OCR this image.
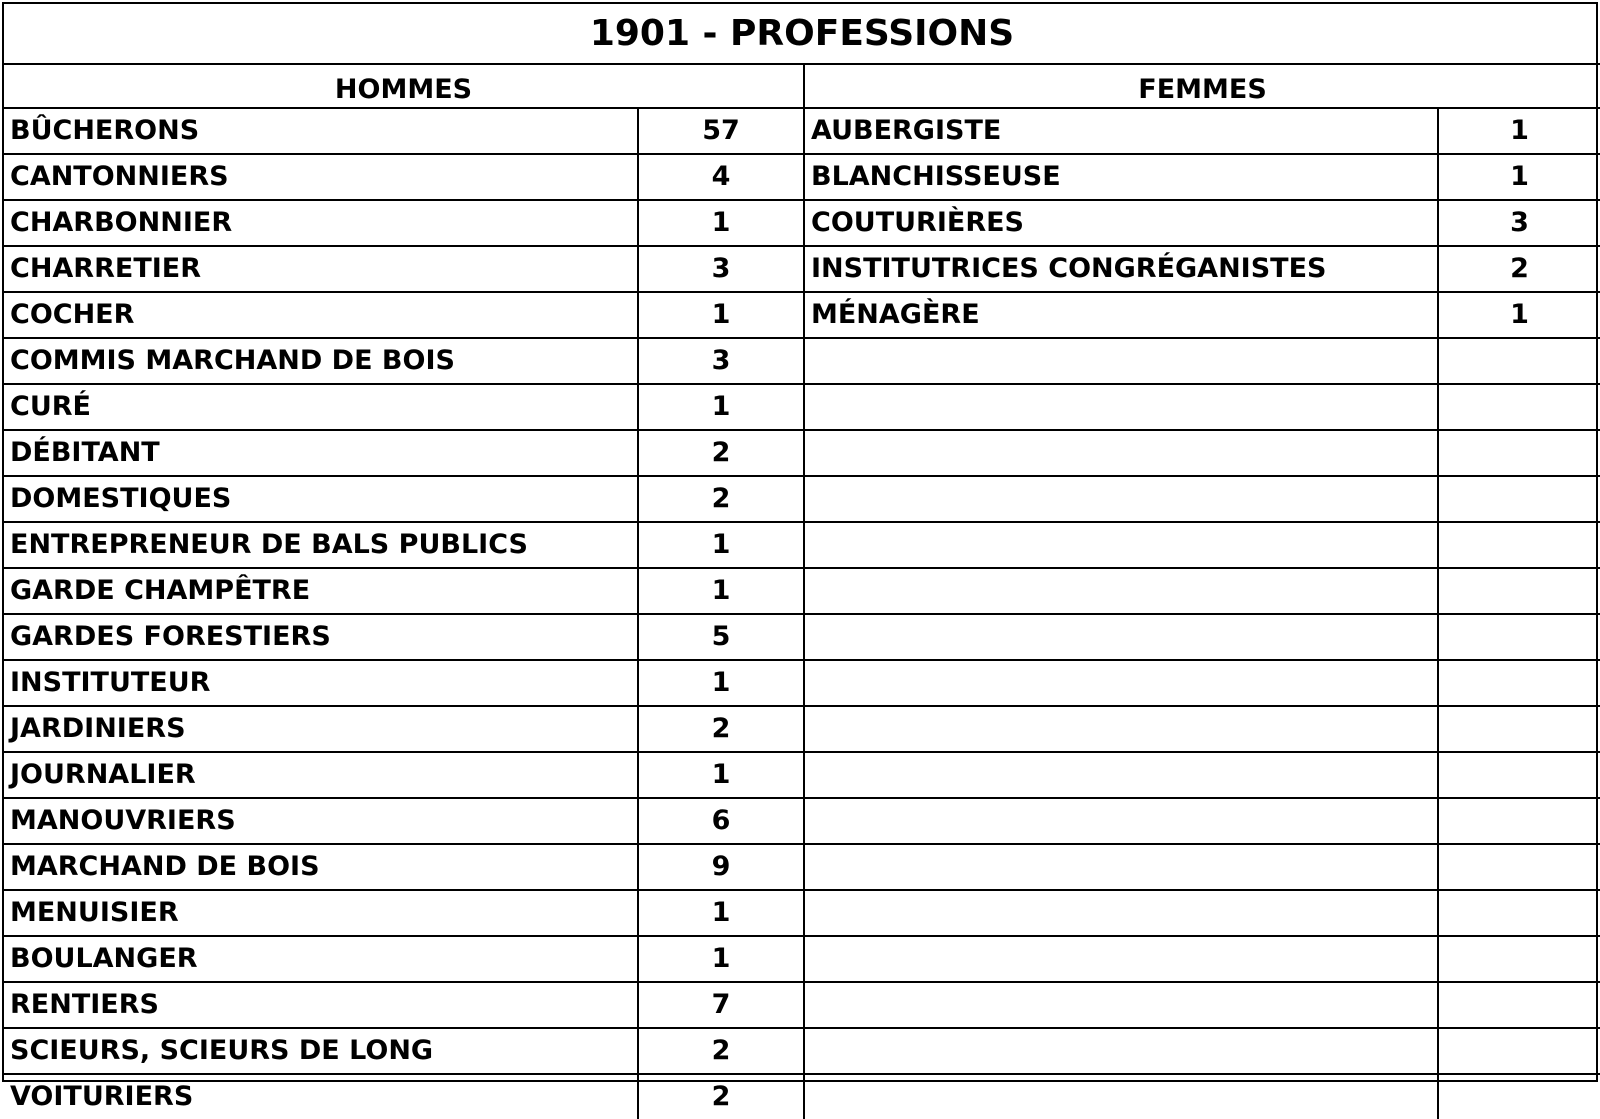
1901 - PROFESSIONS			
HOMMES		FEMMES	
BÛCHERONS	57	AUBERGISTE	1
CANTONNIERS	4	BLANCHISSEUSE	1
CHARBONNIER	1	COUTURIÈRES	3
CHARRETIER	3	INSTITUTRICES CONGRÉGANISTES	2
COCHER	1	MÉNAGÈRE	1
COMMIS MARCHAND DE BOIS	3		
CURÉ	1		
DÉBITANT	2		
DOMESTIQUES	2		
ENTREPRENEUR DE BALS PUBLICS	1		
GARDE CHAMPÊTRE	1		
GARDES FORESTIERS	5		
INSTITUTEUR	1		
JARDINIERS	2		
JOURNALIER	1		
MANOUVRIERS	6		
MARCHAND DE BOIS	9		
MENUISIER	1		
BOULANGER	1		
RENTIERS	7		
SCIEURS, SCIEURS DE LONG	2		
VOITURIERS	2		
